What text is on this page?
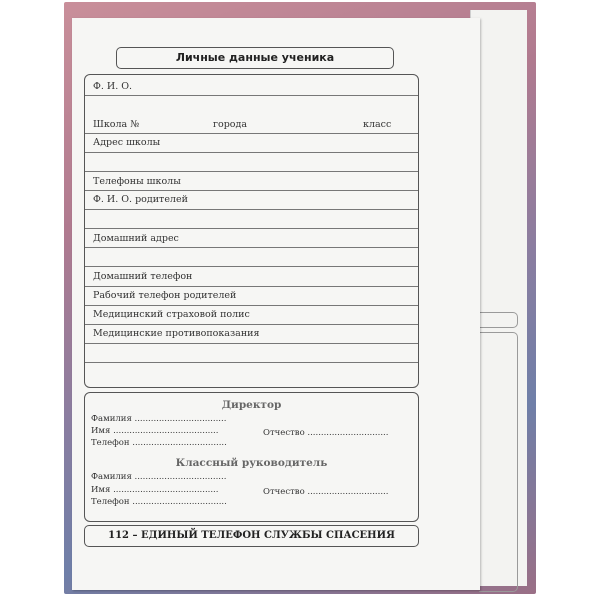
Личные данные ученика
Ф. И. О.
Школа №	города	класс
Адрес школы
Телефоны школы
Ф. И. О. родителей
Домашний адрес
Домашний телефон
Рабочий телефон родителей
Медицинский страховой полис
Медицинские противопоказания
Директор
Фамилия ..................................
Имя .......................................	Отчество ..............................
Телефон ...................................
Классный руководитель
Фамилия ..................................
Имя .......................................	Отчество ..............................
Телефон ...................................
112 – ЕДИНЫЙ ТЕЛЕФОН СЛУЖБЫ СПАСЕНИЯ
